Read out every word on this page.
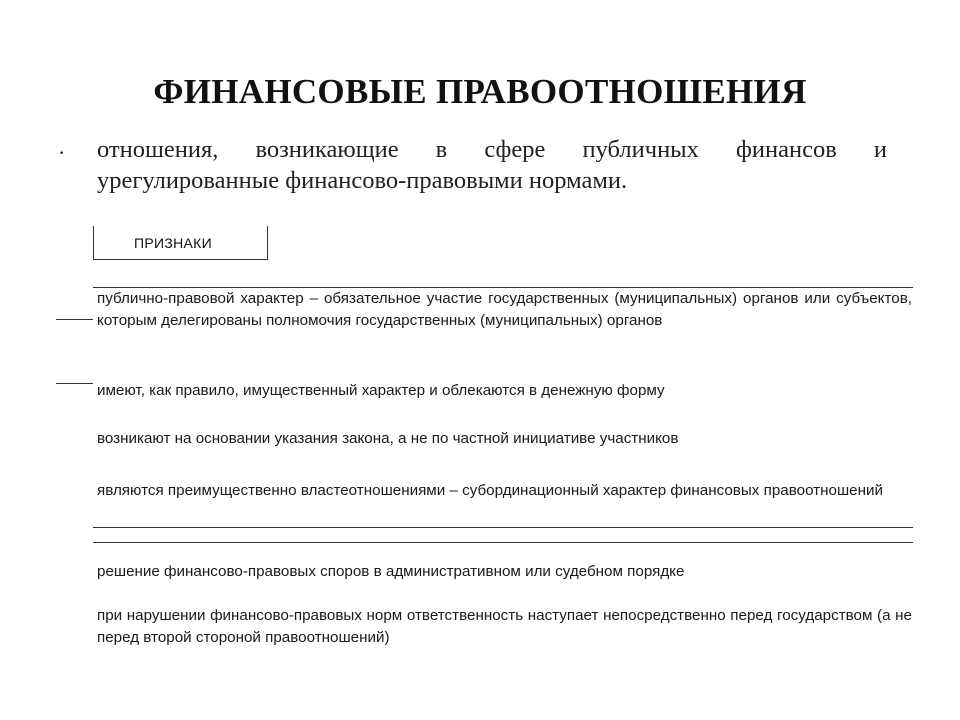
ФИНАНСОВЫЕ ПРАВООТНОШЕНИЯ
· отношения, возникающие в сфере публичных финансов и урегулированные финансово-правовыми нормами.
ПРИЗНАКИ
публично-правовой характер – обязательное участие государственных (муниципальных) органов или субъектов, которым делегированы полномочия государственных (муниципальных) органов
имеют, как правило, имущественный характер и облекаются в денежную форму
возникают на основании указания закона, а не по частной инициативе участников
являются преимущественно властеотношениями – субординационный характер финансовых правоотношений
решение финансово-правовых споров в административном или судебном порядке
при нарушении финансово-правовых норм ответственность наступает непосредственно перед государством (а не перед второй стороной правоотношений)
